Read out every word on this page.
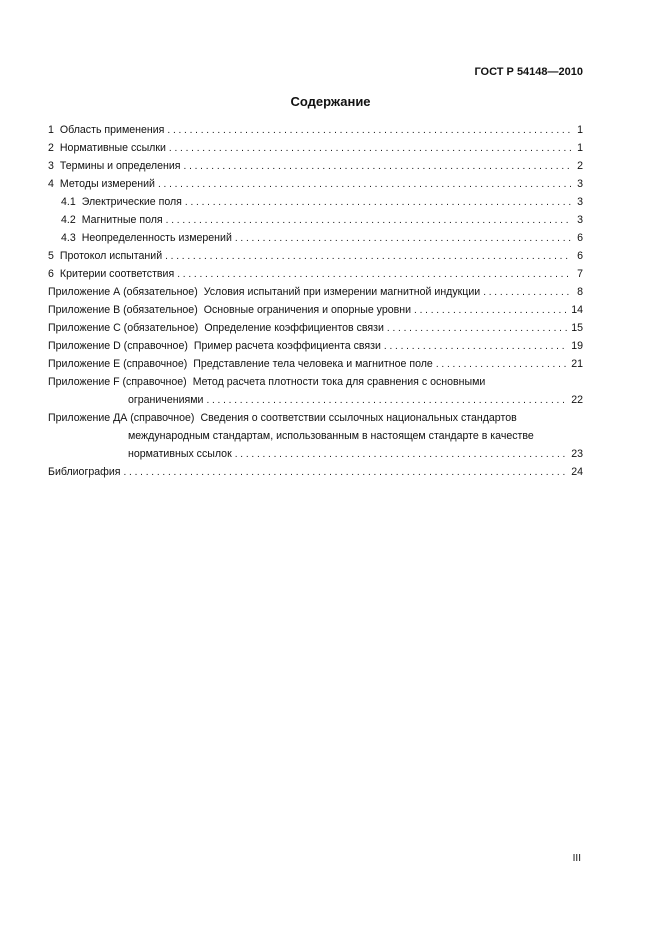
ГОСТ Р 54148—2010
Содержание
1 Область применения . . .	1
2 Нормативные ссылки . . .	1
3 Термины и определения . . .	2
4 Методы измерений . . .	3
4.1 Электрические поля . . .	3
4.2 Магнитные поля . . .	3
4.3 Неопределенность измерений . . .	6
5 Протокол испытаний . . .	6
6 Критерии соответствия . . .	7
Приложение А (обязательное) Условия испытаний при измерении магнитной индукции . . .	8
Приложение В (обязательное) Основные ограничения и опорные уровни . . .	14
Приложение С (обязательное) Определение коэффициентов связи . . .	15
Приложение D (справочное) Пример расчета коэффициента связи . . .	19
Приложение Е (справочное) Представление тела человека и магнитное поле . . .	21
Приложение F (справочное) Метод расчета плотности тока для сравнения с основными
ограничениями . . .	22
Приложение ДА (справочное) Сведения о соответствии ссылочных национальных стандартов
международным стандартам, использованным в настоящем стандарте в качестве
нормативных ссылок . . .	23
Библиография . . .	24
III
